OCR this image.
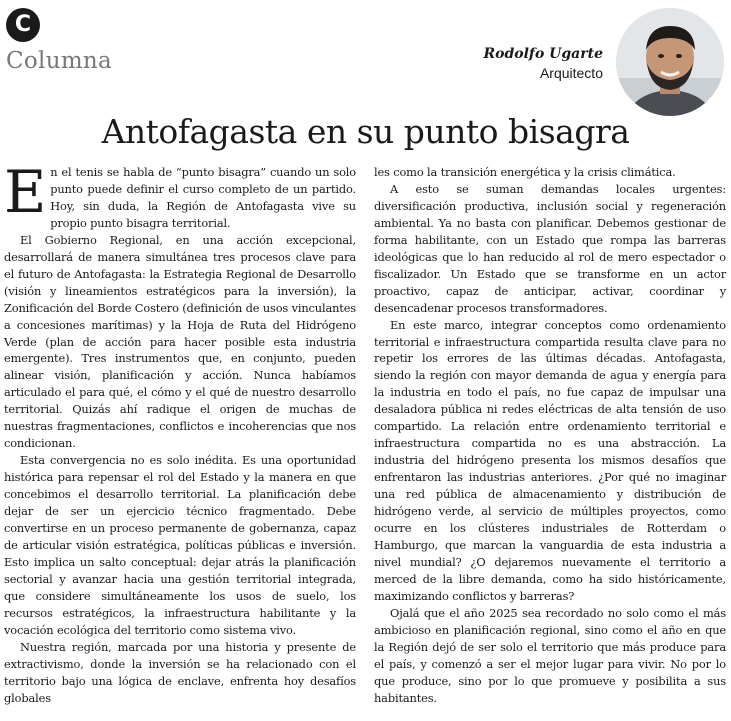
C
Columna	Rodolfo Ugarte
Arquitecto
Antofagasta en su punto bisagra

En el tenis se habla de “punto bisagra” cuando un solo punto puede definir el curso completo de un partido. Hoy, sin duda, la Región de Antofagasta vive su propio punto bisagra territorial.

El Gobierno Regional, en una acción excepcional, desarrollará de manera simultánea tres procesos clave para el futuro de Antofagasta: la Estrategia Regional de Desarrollo (visión y lineamientos estratégicos para la inversión), la Zonificación del Borde Costero (definición de usos vinculantes a concesiones marítimas) y la Hoja de Ruta del Hidrógeno Verde (plan de acción para hacer posible esta industria emergente). Tres instrumentos que, en conjunto, pueden alinear visión, planificación y acción. Nunca habíamos articulado el para qué, el cómo y el qué de nuestro desarrollo territorial. Quizás ahí radique el origen de muchas de nuestras fragmentaciones, conflictos e incoherencias que nos condicionan.

Esta convergencia no es solo inédita. Es una oportunidad histórica para repensar el rol del Estado y la manera en que concebimos el desarrollo territorial. La planificación debe dejar de ser un ejercicio técnico fragmentado. Debe convertirse en un proceso permanente de gobernanza, capaz de articular visión estratégica, políticas públicas e inversión. Esto implica un salto conceptual: dejar atrás la planificación sectorial y avanzar hacia una gestión territorial integrada, que considere simultáneamente los usos de suelo, los recursos estratégicos, la infraestructura habilitante y la vocación ecológica del territorio como sistema vivo.

Nuestra región, marcada por una historia y presente de extractivismo, donde la inversión se ha relacionado con el territorio bajo una lógica de enclave, enfrenta hoy desafíos globales

les como la transición energética y la crisis climática.

A esto se suman demandas locales urgentes: diversificación productiva, inclusión social y regeneración ambiental. Ya no basta con planificar. Debemos gestionar de forma habilitante, con un Estado que rompa las barreras ideológicas que lo han reducido al rol de mero espectador o fiscalizador. Un Estado que se transforme en un actor proactivo, capaz de anticipar, activar, coordinar y desencadenar procesos transformadores.

En este marco, integrar conceptos como ordenamiento territorial e infraestructura compartida resulta clave para no repetir los errores de las últimas décadas. Antofagasta, siendo la región con mayor demanda de agua y energía para la industria en todo el país, no fue capaz de impulsar una desaladora pública ni redes eléctricas de alta tensión de uso compartido. La relación entre ordenamiento territorial e infraestructura compartida no es una abstracción. La industria del hidrógeno presenta los mismos desafíos que enfrentaron las industrias anteriores. ¿Por qué no imaginar una red pública de almacenamiento y distribución de hidrógeno verde, al servicio de múltiples proyectos, como ocurre en los clústeres industriales de Rotterdam o Hamburgo, que marcan la vanguardia de esta industria a nivel mundial? ¿O dejaremos nuevamente el territorio a merced de la libre demanda, como ha sido históricamente, maximizando conflictos y barreras?

Ojalá que el año 2025 sea recordado no solo como el más ambicioso en planificación regional, sino como el año en que la Región dejó de ser solo el territorio que más produce para el país, y comenzó a ser el mejor lugar para vivir. No por lo que produce, sino por lo que promueve y posibilita a sus habitantes.
